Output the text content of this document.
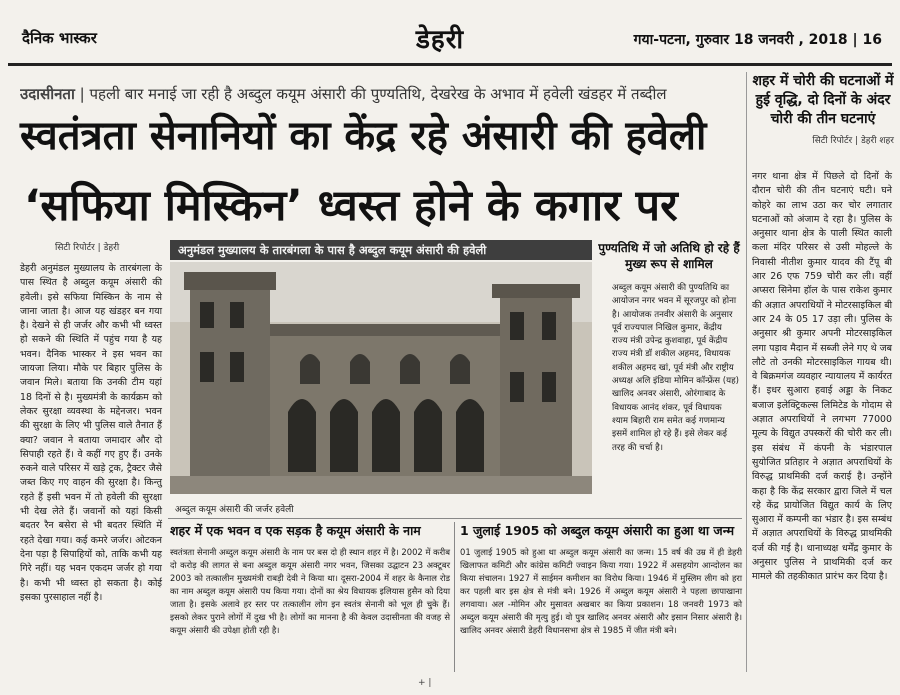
दैनिक भास्कर	डेहरी	गया-पटना, गुरुवार 18 जनवरी , 2018 | 16
उदासीनता | पहली बार मनाई जा रही है अब्दुल कयूम अंसारी की पुण्यतिथि, देखरेख के अभाव में हवेली खंडहर में तब्दील
स्वतंत्रता सेनानियों का केंद्र रहे अंसारी की हवेली
‘सफिया मिस्किन’ ध्वस्त होने के कगार पर
सिटी रिपोर्टर | डेहरी
डेहरी अनुमंडल मुख्यालय के तारबंगला के पास स्थित है अब्दुल कयूम अंसारी की हवेली। इसे सफिया मिस्किन के नाम से जाना जाता है। आज यह खंडहर बन गया है। देखने से ही जर्जर और कभी भी ध्वस्त हो सकने की स्थिति में पहुंच गया है यह भवन। दैनिक भास्कर ने इस भवन का जायजा लिया। मौके पर बिहार पुलिस के जवान मिले। बताया कि उनकी टीम यहां 18 दिनों से है। मुख्यमंत्री के कार्यक्रम को लेकर सुरक्षा व्यवस्था के मद्देनजर। भवन की सुरक्षा के लिए भी पुलिस वाले तैनात हैं क्या? जवान ने बताया जमादार और दो सिपाही रहते हैं। वे कहीं गए हुए हैं। उनके रुकने वाले परिसर में खड़े ट्रक, ट्रैक्टर जैसे जब्त किए गए वाहन की सुरक्षा है। किन्तु रहते हैं इसी भवन में तो हवेली की सुरक्षा भी देख लेते हैं। जवानों को यहां किसी बदतर रैन बसेरा से भी बदतर स्थिति में रहते देखा गया। कई कमरे जर्जर। ओटकन देना पड़ा है सिपाहियों को, ताकि कभी यह गिरे नहीं। यह भवन एकदम जर्जर हो गया है। कभी भी ध्वस्त हो सकता है। कोई इसका पुरसाहाल नहीं है।
अनुमंडल मुख्यालय के तारबंगला के पास है अब्दुल कयूम अंसारी की हवेली
अब्दुल कयूम अंसारी की जर्जर हवेली
पुण्यतिथि में जो अतिथि हो रहे हैं मुख्य रूप से शामिल
अब्दुल कयूम अंसारी की पुण्यतिथि का आयोजन नगर भवन में सूरजपुर को होना है। आयोजक तनवीर अंसारी के अनुसार पूर्व राज्यपाल निखिल कुमार, केंद्रीय राज्य मंत्री उपेन्द्र कुशवाहा, पूर्व केंद्रीय राज्य मंत्री डॉ शकील अहमद, विधायक शकील अहमद खां, पूर्व मंत्री और राष्ट्रीय अध्यक्ष अलि इंडिया मोमिन कॉन्फ्रेंस (यह) खालिद अनवर अंसारी, ओरंगाबाद के विधायक आनंद शंकर, पूर्व विधायक श्याम बिहारी राम समेत कई गणमान्य इसमें शामिल हो रहे हैं। इसे लेकर कई तरह की चर्चा है।
शहर में चोरी की घटनाओं में हुई वृद्धि, दो दिनों के अंदर चोरी की तीन घटनाएं
सिटी रिपोर्टर | डेहरी शहर
नगर थाना क्षेत्र में पिछले दो दिनों के दौरान चोरी की तीन घटनाएं घटी। घने कोहरे का लाभ उठा कर चोर लगातार घटनाओं को अंजाम दे रहा है। पुलिस के अनुसार थाना क्षेत्र के पाली स्थित काली कला मंदिर परिसर से उसी मोहल्ले के निवासी नीतीश कुमार यादव की टैंपू बी आर 26 एफ 759 चोरी कर ली। वहीं अप्सरा सिनेमा हॉल के पास राकेश कुमार की अज्ञात अपराधियों ने मोटरसाइकिल बी आर 24 के 05 17 उड़ा ली। पुलिस के अनुसार श्री कुमार अपनी मोटरसाइकिल लगा पड़ाव मैदान में सब्जी लेने गए थे जब लौटे तो उनकी मोटरसाइकिल गायब थी। वे बिक्रमगंज व्यवहार न्यायालय में कार्यरत हैं। इधर सुआरा हवाई अड्डा के निकट बजाज इलेक्ट्रिकल्स लिमिटेड के गोदाम से अज्ञात अपराधियों ने लगभग 77000 मूल्य के विद्युत उपस्करों की चोरी कर ली। इस संबंध में कंपनी के भंडारपाल सुयोजित प्रतिहार ने अज्ञात अपराधियों के विरुद्ध प्राथमिकी दर्ज कराई है। उन्होंने कहा है कि केंद्र सरकार द्वारा जिले में चल रहे केंद्र प्रायोजित विद्युत कार्य के लिए सुआरा में कम्पनी का भंडार है। इस सम्बंध में अज्ञात अपराधियों के विरुद्ध प्राथमिकी दर्ज की गई है। धानाध्यक्ष धर्मेंद्र कुमार के अनुसार पुलिस ने प्राथमिकी दर्ज कर मामले की तहकीकात प्रारंभ कर दिया है।
शहर में एक भवन व एक सड़क है कयूम अंसारी के नाम
स्वतंत्रता सेनानी अब्दुल कयूम अंसारी के नाम पर बस दो ही स्थान शहर में है। 2002 में करीब दो करोड़ की लागत से बना अब्दुल कयूम अंसारी नगर भवन, जिसका उद्घाटन 23 अक्टूबर 2003 को तत्कालीन मुख्यमंत्री राबड़ी देवी ने किया था। दूसरा-2004 में शहर के कैनाल रोड का नाम अब्दुल कयूम अंसारी पथ किया गया। दोनों का श्रेय विधायक इलियास हुसैन को दिया जाता है। इसके अलावे हर स्तर पर तत्कालीन लोग इन स्वतंत्र सेनानी को भूल ही चुके हैं। इसको लेकर पुराने लोगों में दुख भी है। लोगों का मानना है की केवल उदासीनता की वजह से कयूम अंसारी की उपेक्षा होती रही है।
1 जुलाई 1905 को अब्दुल कयूम अंसारी का हुआ था जन्म
01 जुलाई 1905 को हुआ था अब्दुल कयूम अंसारी का जन्म। 15 वर्ष की उम्र में ही डेहरी खिलाफत कमिटी और कांग्रेस कमिटी ज्वाइन किया गया। 1922 में असहयोग आन्दोलन का किया संचालन। 1927 में साईमन कमीशन का विरोध किया। 1946 में मुस्लिम लीग को हरा कर पहली बार इस क्षेत्र से मंत्री बने। 1926 में अब्दुल कयूम अंसारी ने पहला छापाखाना लगवाया। अल -मोमिन और मुसावत अखबार का किया प्रकाशन। 18 जनवरी 1973 को अब्दुल कयूम अंसारी की मृत्यु हुई। वो पुत्र खालिद अनवर अंसारी और इसान निसार अंसारी है। खालिद अनवर अंसारी डेहरी विधानसभा क्षेत्र से 1985 में जीत मंत्री बने।
+ |
